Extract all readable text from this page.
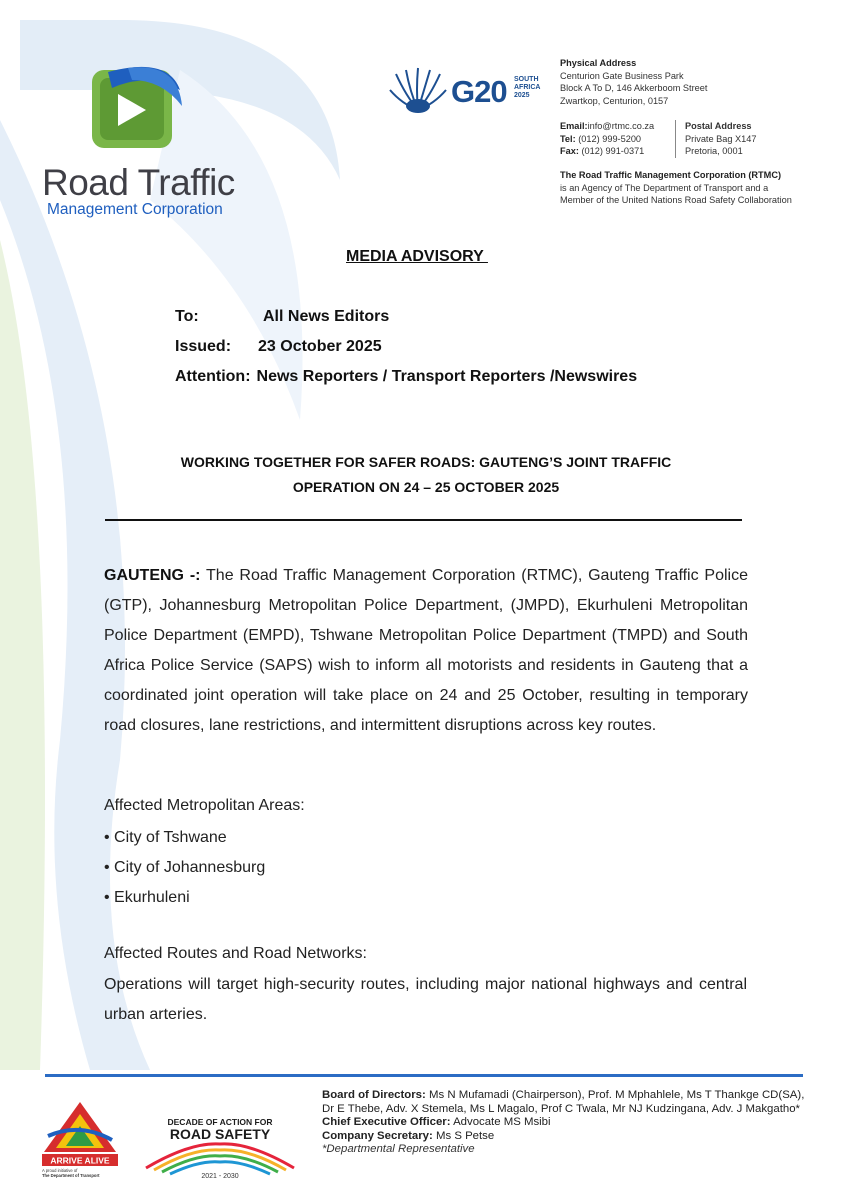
Road Traffic
Management Corporation
G20 SOUTH
AFRICA
2025
Physical Address
Centurion Gate Business Park
Block A To D, 146 Akkerboom Street
Zwartkop, Centurion, 0157
Email:info@rtmc.co.za
Tel: (012) 999-5200
Fax: (012) 991-0371
Postal Address
Private Bag X147
Pretoria, 0001
The Road Traffic Management Corporation (RTMC)
is an Agency of The Department of Transport and a
Member of the United Nations Road Safety Collaboration
MEDIA ADVISORY
To:	All News Editors
Issued: 23 October 2025
Attention: News Reporters / Transport Reporters /Newswires
WORKING TOGETHER FOR SAFER ROADS: GAUTENG’S JOINT TRAFFIC
OPERATION ON 24 – 25 OCTOBER 2025
GAUTENG -: The Road Traffic Management Corporation (RTMC), Gauteng Traffic Police (GTP), Johannesburg Metropolitan Police Department, (JMPD), Ekurhuleni Metropolitan Police Department (EMPD), Tshwane Metropolitan Police Department (TMPD) and South Africa Police Service (SAPS) wish to inform all motorists and residents in Gauteng that a coordinated joint operation will take place on 24 and 25 October, resulting in temporary road closures, lane restrictions, and intermittent disruptions across key routes.
Affected Metropolitan Areas:
• City of Tshwane
• City of Johannesburg
• Ekurhuleni
Affected Routes and Road Networks:
Operations will target high-security routes, including major national highways and central urban arteries.
ARRIVE ALIVE
A proud initiative of
The Department of Transport
DECADE OF ACTION FOR
ROAD SAFETY
2021 - 2030
Board of Directors: Ms N Mufamadi (Chairperson), Prof. M Mphahlele, Ms T Thankge CD(SA),
Dr E Thebe, Adv. X Stemela, Ms L Magalo, Prof C Twala, Mr NJ Kudzingana, Adv. J Makgatho*
Chief Executive Officer: Advocate MS Msibi
Company Secretary: Ms S Petse
*Departmental Representative
